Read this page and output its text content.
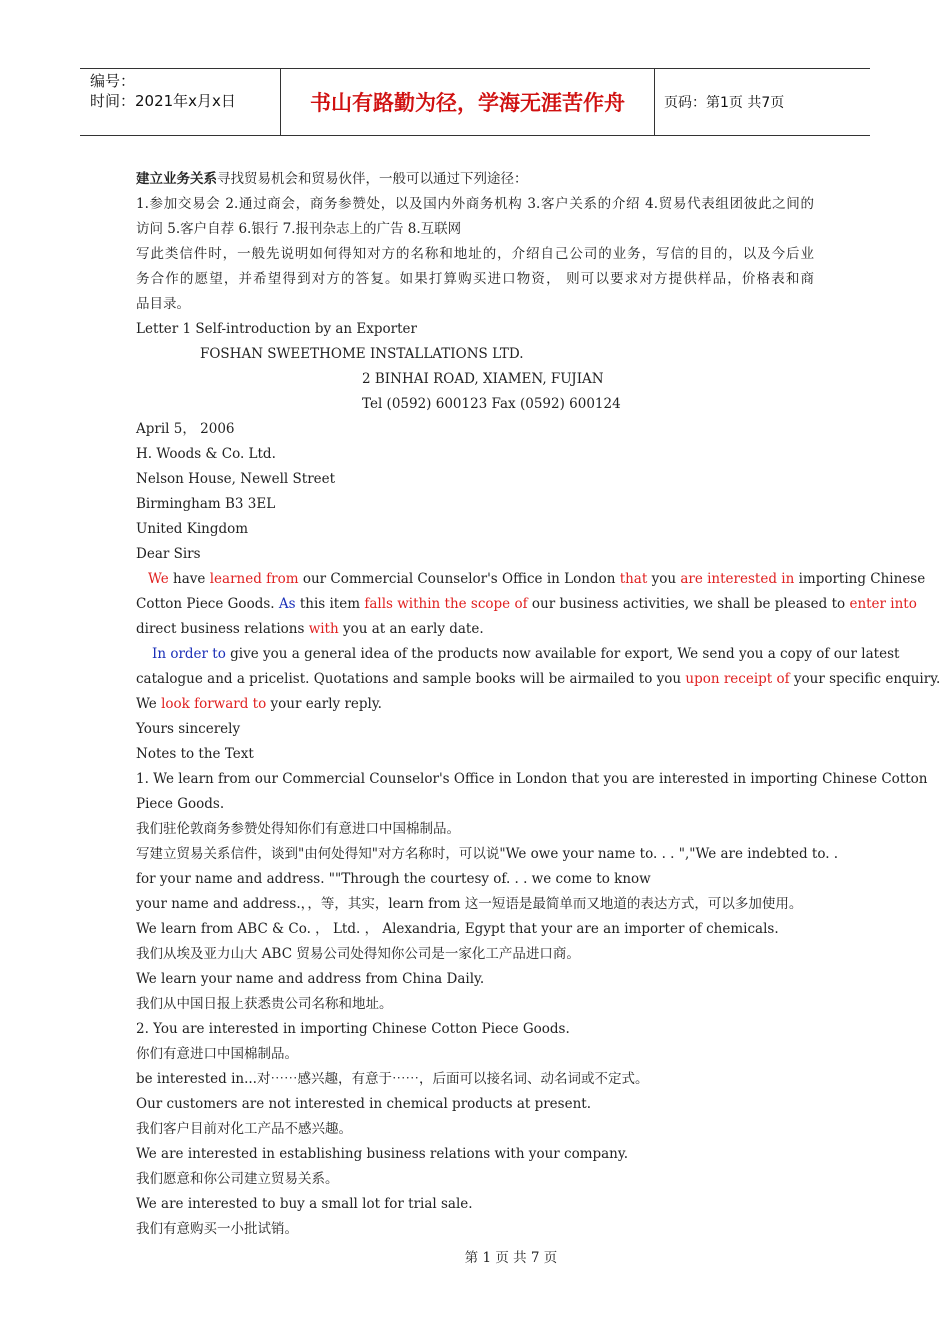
编号：
时间：2021年x月x日	书山有路勤为径，学海无涯苦作舟	页码：第1页 共7页
建立业务关系寻找贸易机会和贸易伙伴，一般可以通过下列途径：
1.参加交易会 2.通过商会，商务参赞处，以及国内外商务机构 3.客户关系的介绍 4.贸易代表组团彼此之间的
访问 5.客户自荐 6.银行 7.报刊杂志上的广告 8.互联网
写此类信件时，一般先说明如何得知对方的名称和地址的，介绍自己公司的业务，写信的目的，以及今后业
务合作的愿望，并希望得到对方的答复。如果打算购买进口物资， 则可以要求对方提供样品，价格表和商
品目录。
Letter 1 Self-introduction by an Exporter
FOSHAN SWEETHOME INSTALLATIONS LTD.
2 BINHAI ROAD, XIAMEN, FUJIAN
Tel (0592) 600123 Fax (0592) 600124
April 5， 2006
H. Woods & Co. Ltd.
Nelson House, Newell Street
Birmingham B3 3EL
United Kingdom
Dear Sirs
We have learned from our Commercial Counselor's Office in London that you are interested in importing Chinese
Cotton Piece Goods. As this item falls within the scope of our business activities, we shall be pleased to enter into
direct business relations with you at an early date.
In order to give you a general idea of the products now available for export, We send you a copy of our latest
catalogue and a pricelist. Quotations and sample books will be airmailed to you upon receipt of your specific enquiry.
We look forward to your early reply.
Yours sincerely
Notes to the Text
1. We learn from our Commercial Counselor's Office in London that you are interested in importing Chinese Cotton
Piece Goods.
我们驻伦敦商务参赞处得知你们有意进口中国棉制品。
写建立贸易关系信件，谈到"由何处得知"对方名称时，可以说"We owe your name to. . . ","We are indebted to. .
for your name and address. ""Through the courtesy of. . . we come to know
your name and address.，，等，其实，learn from 这一短语是最简单而又地道的表达方式，可以多加使用。
We learn from ABC & Co. ， Ltd. ， Alexandria, Egypt that your are an importer of chemicals.
我们从埃及亚力山大 ABC 贸易公司处得知你公司是一家化工产品进口商。
We learn your name and address from China Daily.
我们从中国日报上获悉贵公司名称和地址。
2. You are interested in importing Chinese Cotton Piece Goods.
你们有意进口中国棉制品。
be interested in...对⋯⋯感兴趣，有意于⋯⋯，后面可以接名词、动名词或不定式。
Our customers are not interested in chemical products at present.
我们客户目前对化工产品不感兴趣。
We are interested in establishing business relations with your company.
我们愿意和你公司建立贸易关系。
We are interested to buy a small lot for trial sale.
我们有意购买一小批试销。
第 1 页 共 7 页
